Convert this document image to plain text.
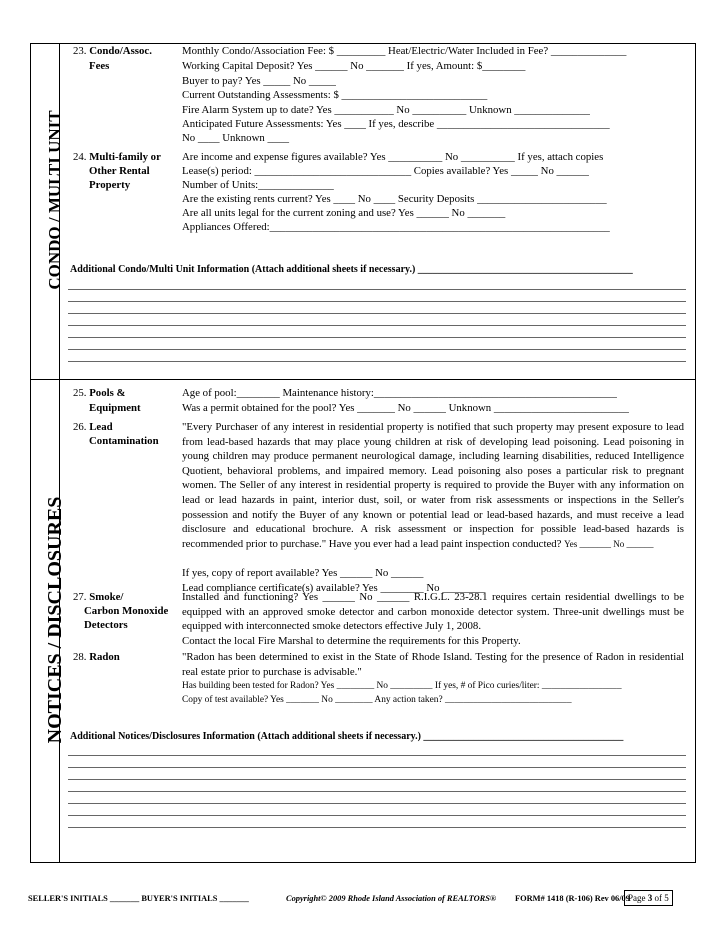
CONDO / MULTI UNIT
NOTICES / DISCLOSURES
23. Condo/Assoc.
Fees
Monthly Condo/Association Fee: $ _________ Heat/Electric/Water Included in Fee? ______________
Working Capital Deposit? Yes ______ No _______ If yes, Amount: $________
Buyer to pay? Yes _____ No _____
Current Outstanding Assessments: $ ___________________________
Fire Alarm System up to date? Yes ___________ No __________ Unknown ______________
Anticipated Future Assessments: Yes ____ If yes, describe ________________________________
No ____ Unknown ____
24. Multi-family or
Other Rental
Property
Are income and expense figures available? Yes __________ No __________ If yes, attach copies
Lease(s) period: _____________________________ Copies available? Yes _____ No ______
Number of Units:______________
Are the existing rents current? Yes ____ No ____ Security Deposits ________________________
Are all units legal for the current zoning and use? Yes ______ No _______
Appliances Offered:_______________________________________________________________
Additional Condo/Multi Unit Information (Attach additional sheets if necessary.) ___________________________________________
25. Pools &
Equipment
Age of pool:________ Maintenance history:_____________________________________________
Was a permit obtained for the pool? Yes _______ No ______ Unknown _________________________
26. Lead
Contamination

"Every Purchaser of any interest in residential property is notified that such property may present exposure to lead from lead-based hazards that may place young children at risk of developing lead poisoning. Lead poisoning in young children may produce permanent neurological damage, including learning disabilities, reduced Intelligence Quotient, behavioral problems, and impaired memory. Lead poisoning also poses a particular risk to pregnant women. The Seller of any interest in residential property is required to provide the Buyer with any information on lead or lead hazards in paint, interior dust, soil, or water from risk assessments or inspections in the Seller's possession and notify the Buyer of any known or potential lead or lead-based hazards, and must receive a lead disclosure and educational brochure. A risk assessment or inspection for possible lead-based hazards is recommended prior to purchase." Have you ever had a lead paint inspection conducted? Yes _______ No ______

If yes, copy of report available? Yes ______ No ______
Lead compliance certificate(s) available? Yes ________ No ________
27. Smoke/
Carbon Monoxide
Detectors
Installed and functioning? Yes ______ No ______ R.I.G.L. 23-28.1 requires certain residential dwellings to be equipped with an approved smoke detector and carbon monoxide detector system. Three-unit dwellings must be equipped with interconnected smoke detectors effective July 1, 2008.
Contact the local Fire Marshal to determine the requirements for this Property.
28. Radon	"Radon has been determined to exist in the State of Rhode Island. Testing for the presence of Radon in residential real estate prior to purchase is advisable."
Has building been tested for Radon? Yes ________ No _________ If yes, # of Pico curies/liter: _________________
Copy of test available? Yes _______ No ________ Any action taken? ___________________________
Additional Notices/Disclosures Information (Attach additional sheets if necessary.) ________________________________________
SELLER'S INITIALS _______ BUYER'S INITIALS _______	Copyright© 2009 Rhode Island Association of REALTORS® FORM# 1418 (R-106) Rev 06/09
Page 3 of 5
